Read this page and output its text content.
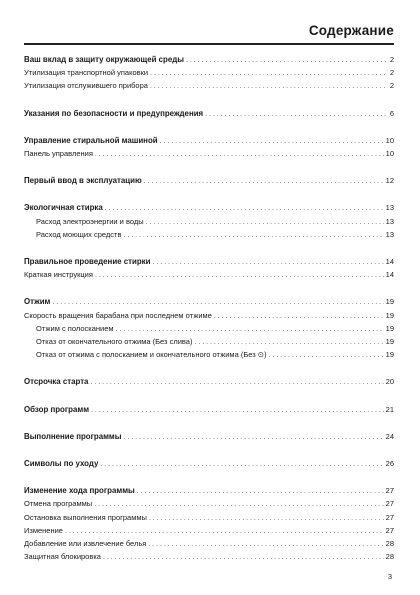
Содержание
Ваш вклад в защиту окружающей среды . . .	2
Утилизация транспортной упаковки . . .	2
Утилизация отслужившего прибора . . .	2
Указания по безопасности и предупреждения . . .	6
Управление стиральной машиной . . .	10
Панель управления . . .	10
Первый ввод в эксплуатацию . . .	12
Экологичная стирка . . .	13
Расход электроэнергии и воды . . .	13
Расход моющих средств . . .	13
Правильное проведение стирки . . .	14
Краткая инструкция . . .	14
Отжим . . .	19
Скорость вращения барабана при последнем отжиме . . .	19
Отжим с полосканием . . .	19
Отказ от окончательного отжима (Без слива) . . .	19
Отказ от отжима с полосканием и окончательного отжима (Без ⊙) . . .	19
Отсрочка старта . . .	20
Обзор программ . . .	21
Выполнение программы . . .	24
Символы по уходу . . .	26
Изменение хода программы . . .	27
Отмена программы . . .	27
Остановка выполнения программы . . .	27
Изменение . . .	27
Добавление или извлечение белья . . .	28
Защитная блокировка . . .	28
3
